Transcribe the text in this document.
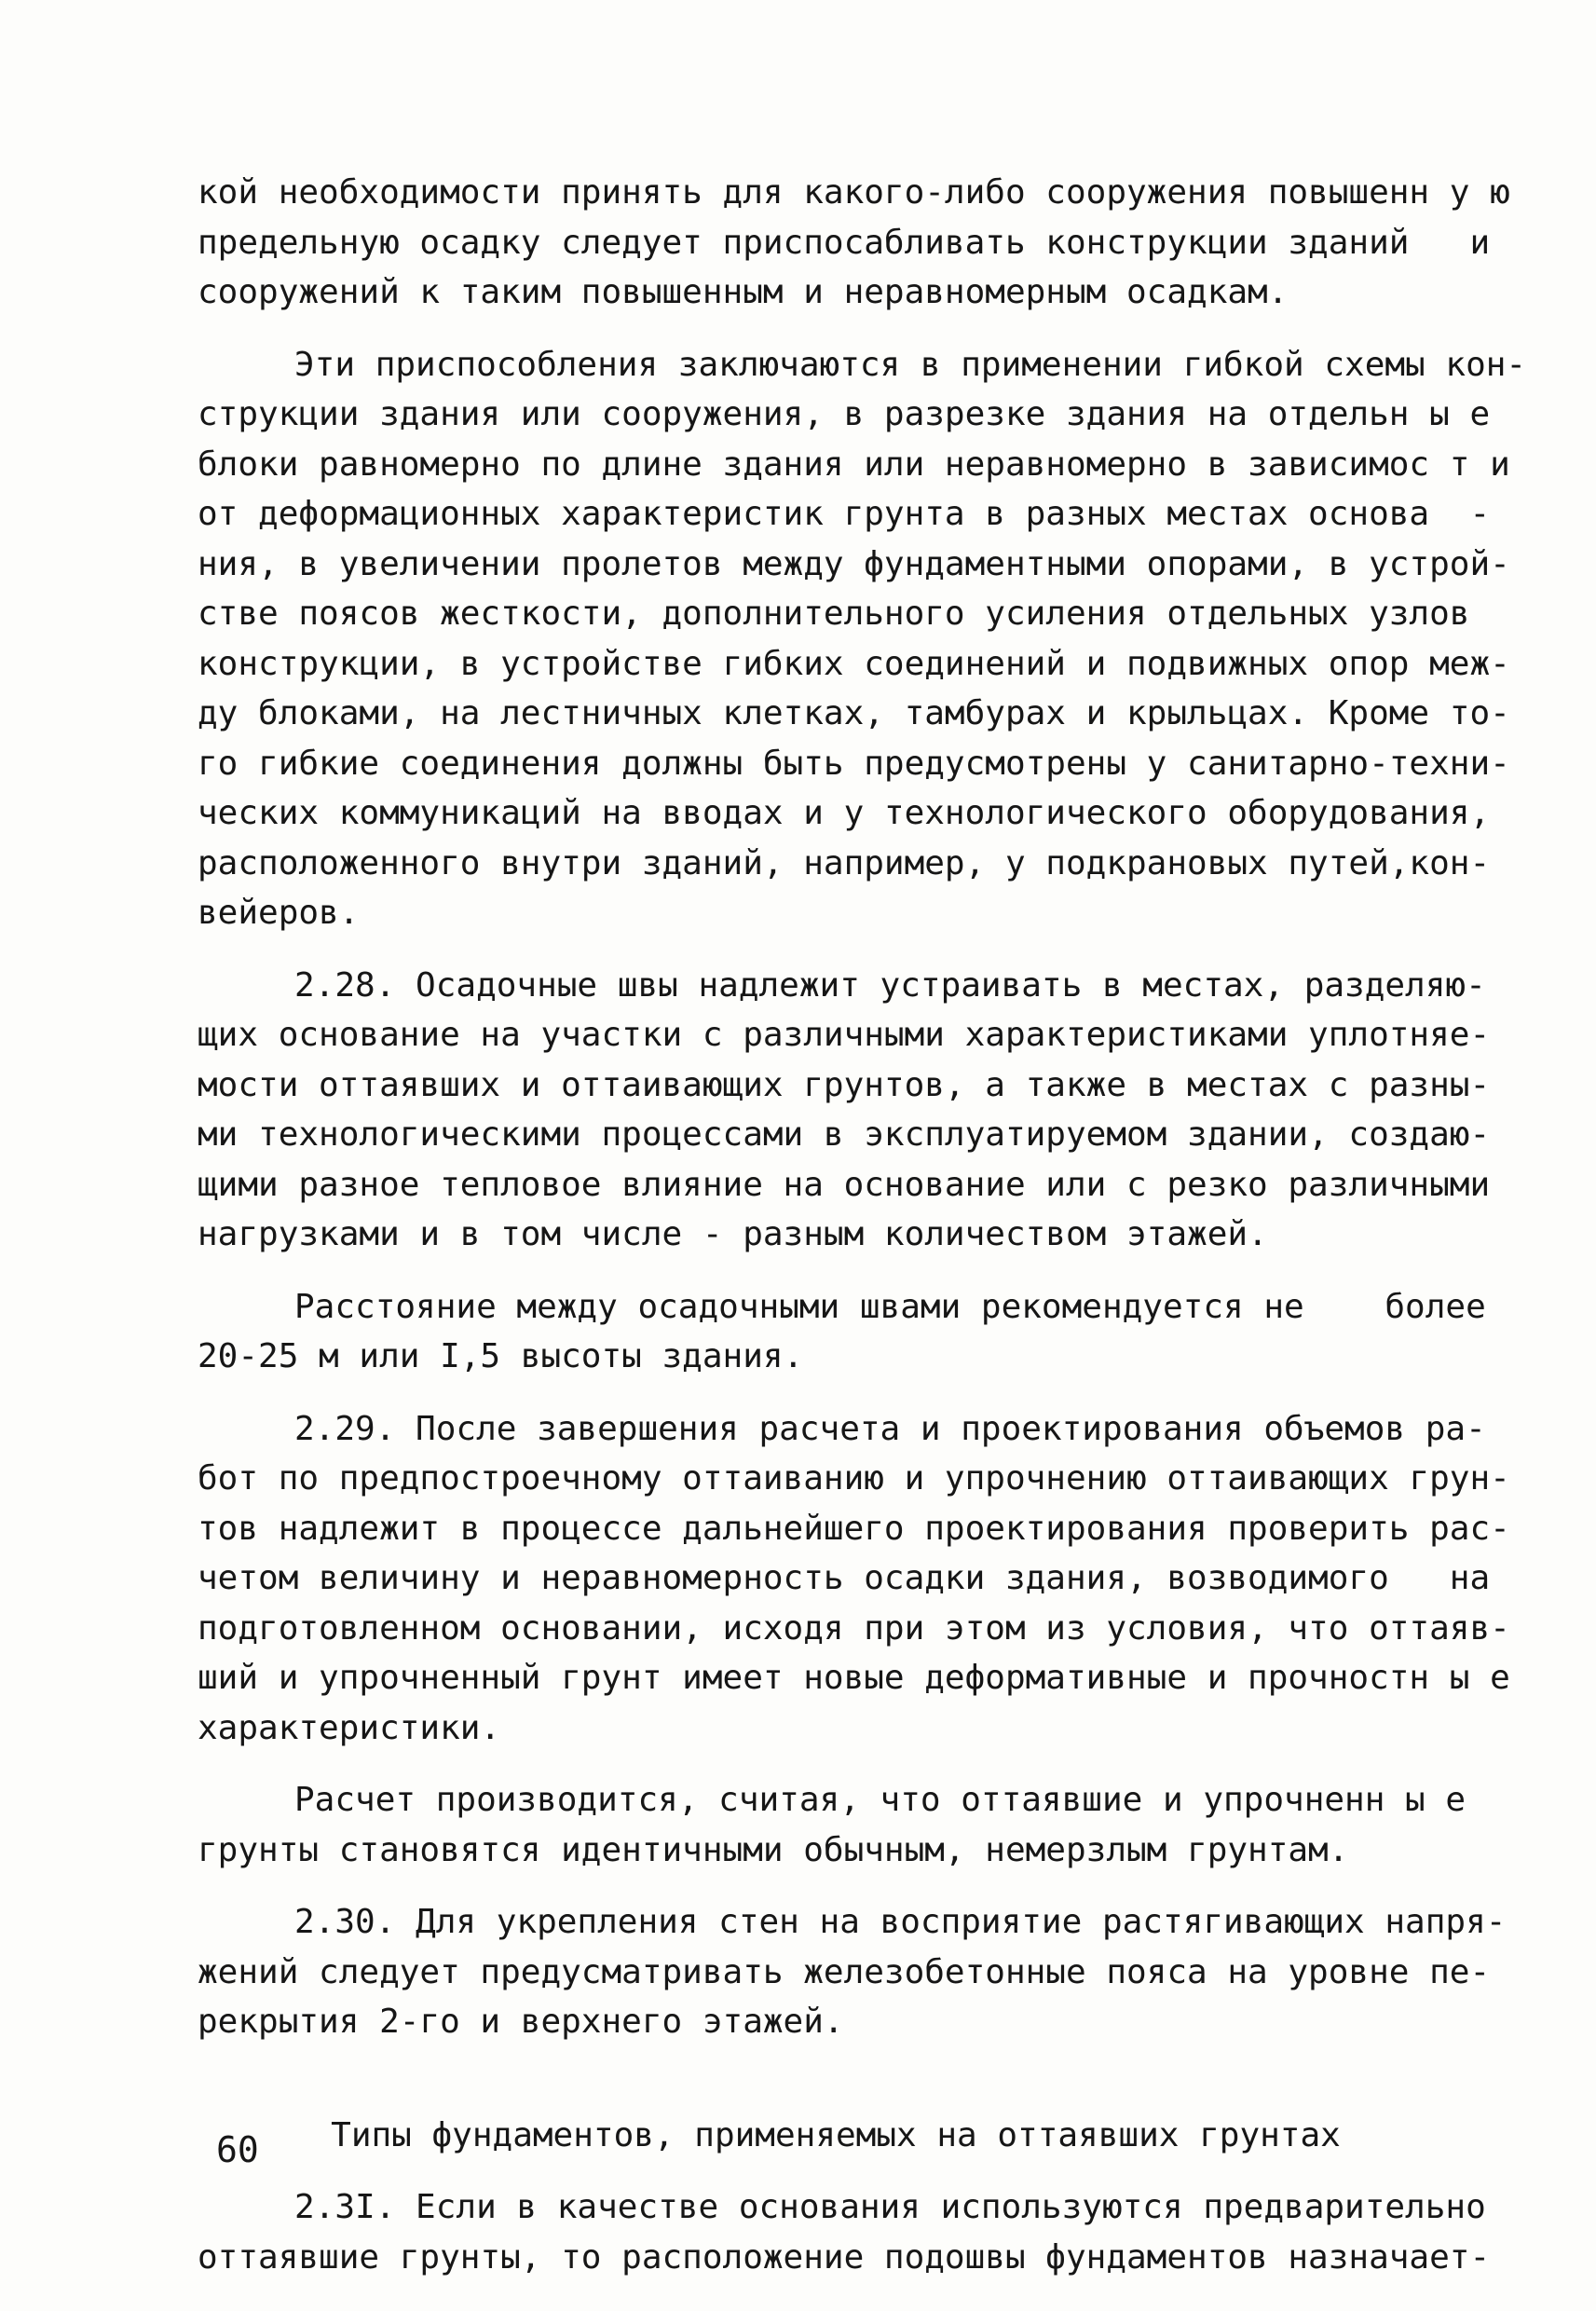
кой необходимости принять для какого-либо сооружения повышенн у ю
предельную осадку следует приспосабливать конструкции зданий   и
сооружений к таким повышенным и неравномерным осадкам.
Эти приспособления заключаются в применении гибкой схемы кон-
струкции здания или сооружения, в разрезке здания на отдельн ы е
блоки равномерно по длине здания или неравномерно в зависимос т и
от деформационных характеристик грунта в разных местах основа  -
ния, в увеличении пролетов между фундаментными опорами, в устрой-
стве поясов жесткости, дополнительного усиления отдельных узлов
конструкции, в устройстве гибких соединений и подвижных опор меж-
ду блоками, на лестничных клетках, тамбурах и крыльцах. Кроме то-
го гибкие соединения должны быть предусмотрены у санитарно-техни-
ческих коммуникаций на вводах и у технологического оборудования,
расположенного внутри зданий, например, у подкрановых путей,кон-
вейеров.
2.28. Осадочные швы надлежит устраивать в местах, разделяю-
щих основание на участки с различными характеристиками уплотняе-
мости оттаявших и оттаивающих грунтов, а также в местах с разны-
ми технологическими процессами в эксплуатируемом здании, создаю-
щими разное тепловое влияние на основание или с резко различными
нагрузками и в том числе - разным количеством этажей.
Расстояние между осадочными швами рекомендуется не    более
20-25 м или I,5 высоты здания.
2.29. После завершения расчета и проектирования объемов ра-
бот по предпостроечному оттаиванию и упрочнению оттаивающих грун-
тов надлежит в процессе дальнейшего проектирования проверить рас-
четом величину и неравномерность осадки здания, возводимого   на
подготовленном основании, исходя при этом из условия, что оттаяв-
ший и упрочненный грунт имеет новые деформативные и прочностн ы е
характеристики.
Расчет производится, считая, что оттаявшие и упрочненн ы е
грунты становятся идентичными обычным, немерзлым грунтам.
2.30. Для укрепления стен на восприятие растягивающих напря-
жений следует предусматривать железобетонные пояса на уровне пе-
рекрытия 2-го и верхнего этажей.
Типы фундаментов, применяемых на оттаявших грунтах
2.3I. Если в качестве основания используются предварительно
оттаявшие грунты, то расположение подошвы фундаментов назначает-
60
